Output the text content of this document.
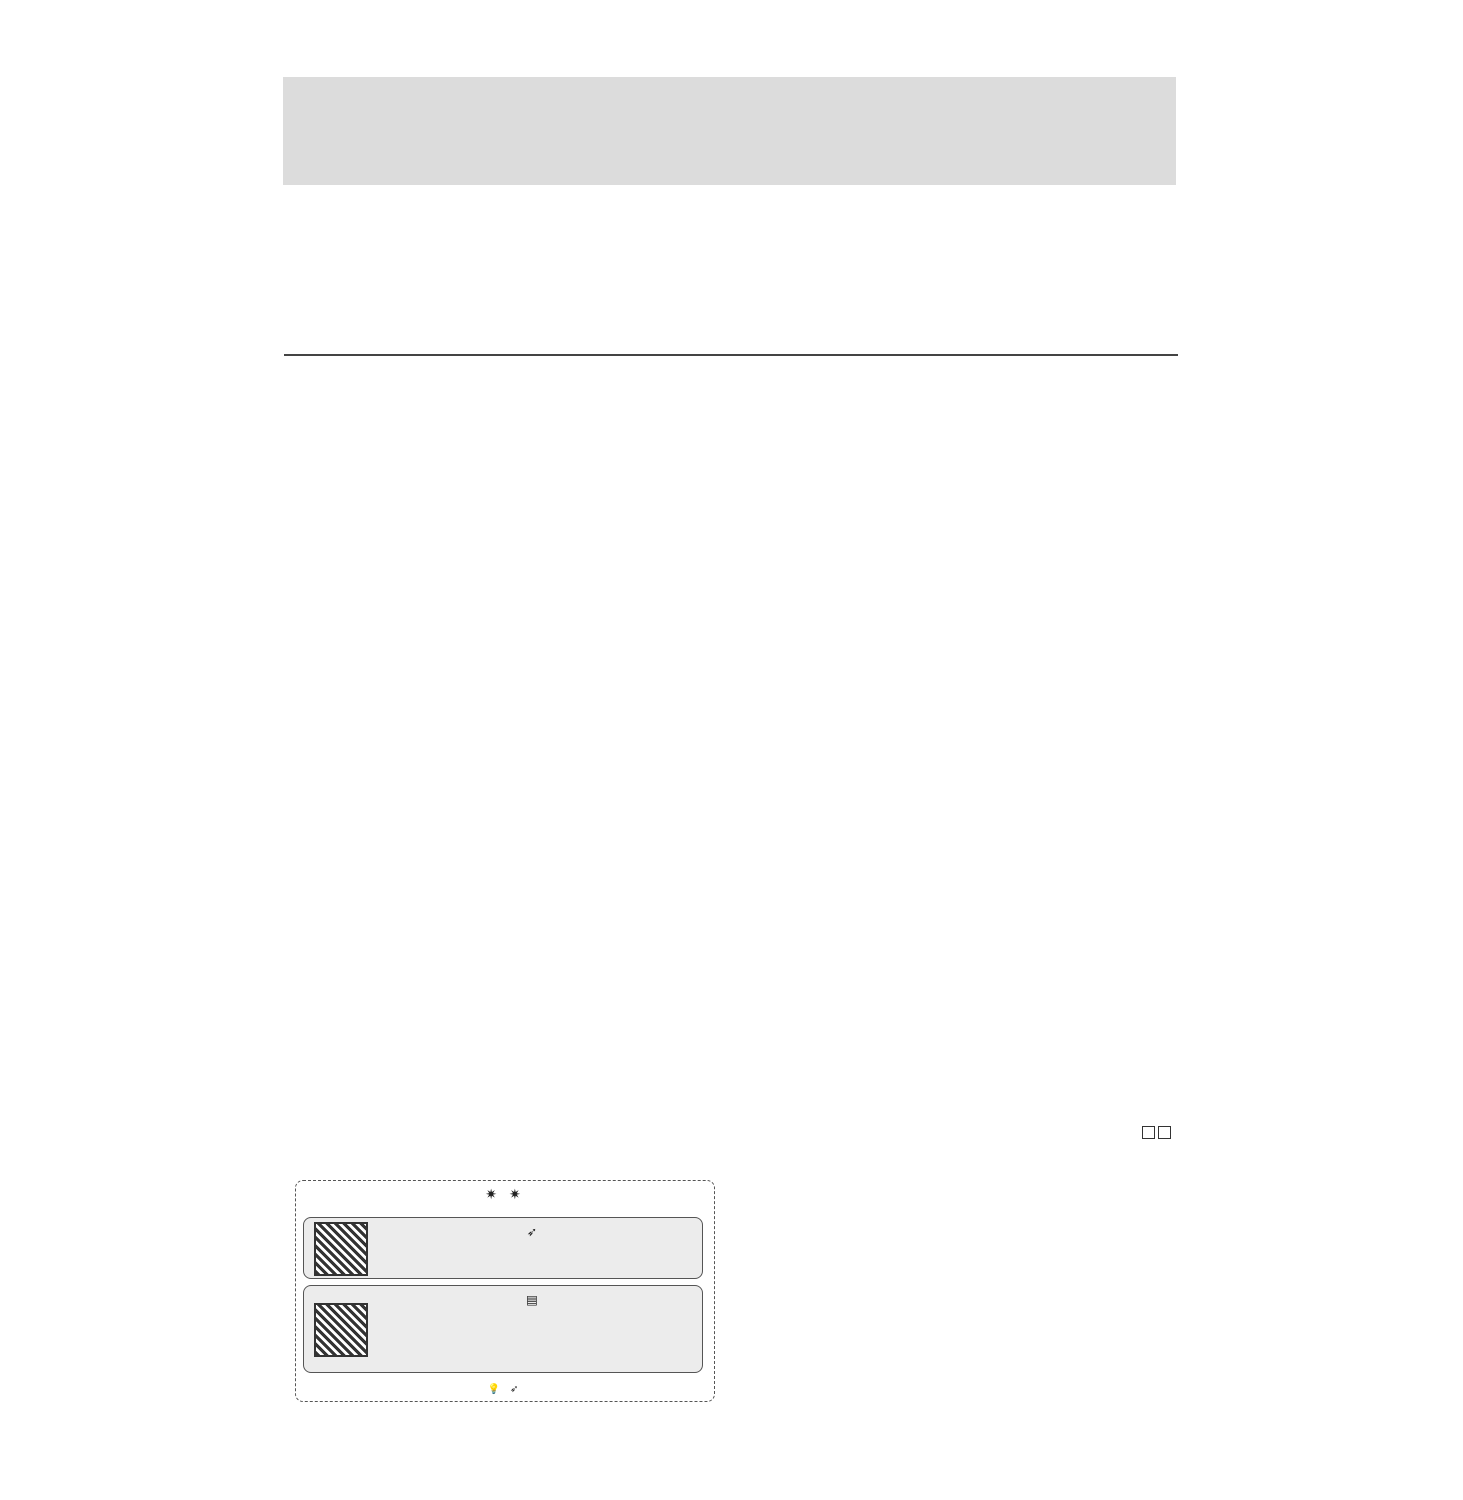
✷ ✷
➶
▤
💡 ➶
